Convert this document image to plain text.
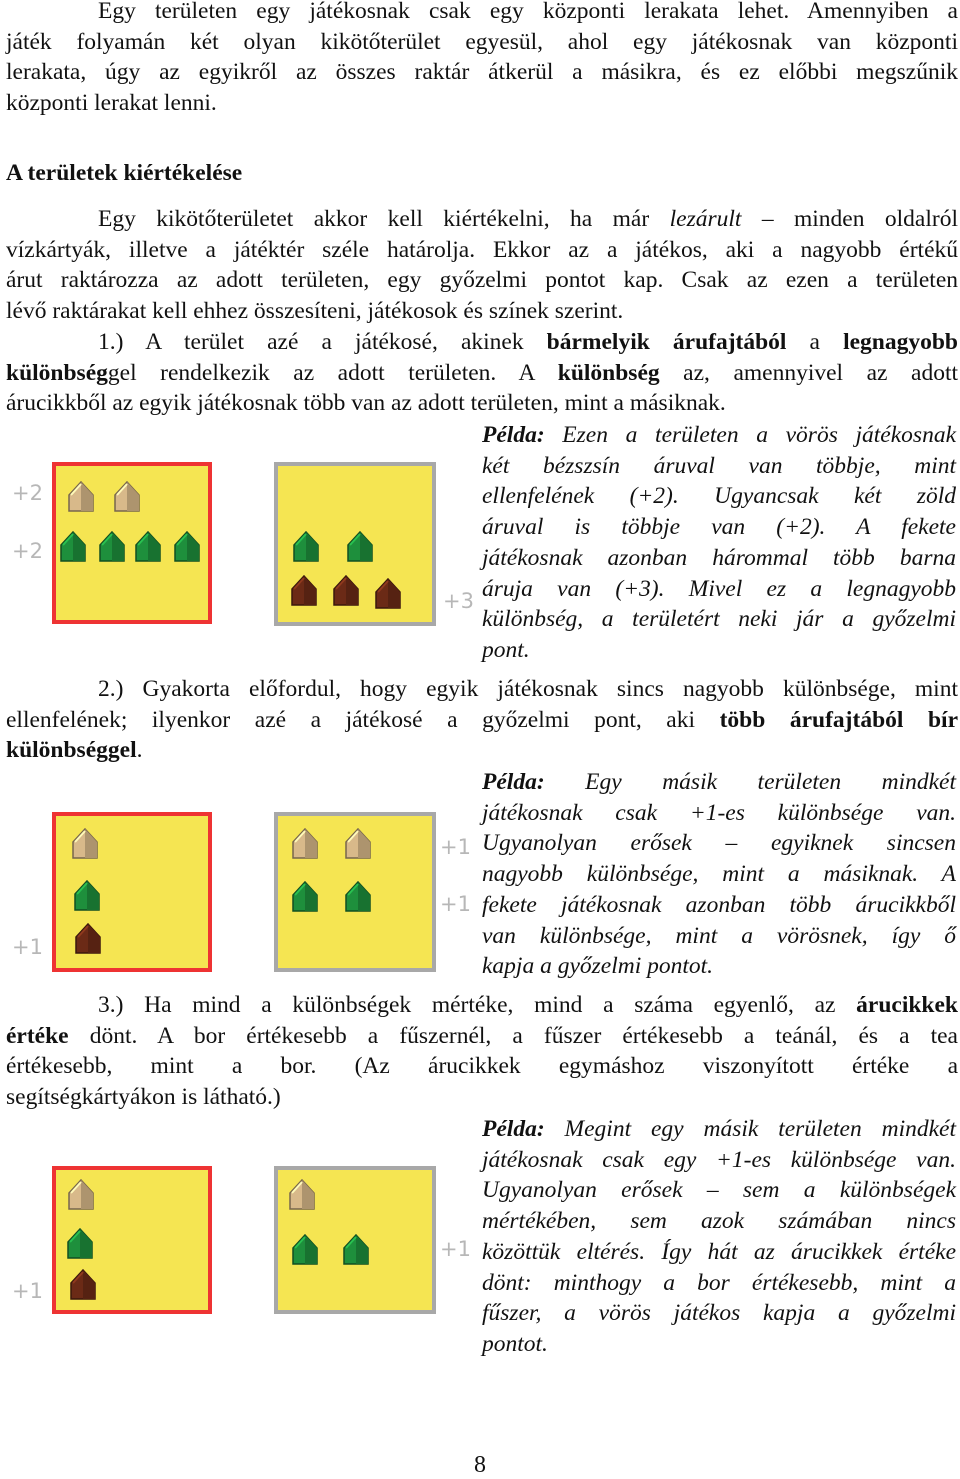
Egy területen egy játékosnak csak egy központi lerakata lehet. Amennyiben a
játék folyamán két olyan kikötőterület egyesül, ahol egy játékosnak van központi
lerakata, úgy az egyikről az összes raktár átkerül a másikra, és ez előbbi megszűnik
központi lerakat lenni.
A területek kiértékelése
Egy kikötőterületet akkor kell kiértékelni, ha már lezárult – minden oldalról
vízkártyák, illetve a játéktér széle határolja. Ekkor az a játékos, aki a nagyobb értékű
árut raktározza az adott területen, egy győzelmi pontot kap. Csak az ezen a területen
lévő raktárakat kell ehhez összesíteni, játékosok és színek szerint.
1.) A terület azé a játékosé, akinek bármelyik árufajtából a legnagyobb
különbséggel rendelkezik az adott területen. A különbség az, amennyivel az adott
árucikkből az egyik játékosnak több van az adott területen, mint a másiknak.
Példa: Ezen a területen a vörös játékosnak
két bézszsín áruval van többje, mint
ellenfelének (+2). Ugyancsak két zöld
áruval is többje van (+2). A fekete
játékosnak azonban hárommal több barna
áruja van (+3). Mivel ez a legnagyobb
különbség, a területért neki jár a győzelmi
pont.
+2
+2
+3
2.) Gyakorta előfordul, hogy egyik játékosnak sincs nagyobb különbsége, mint
ellenfelének; ilyenkor azé a játékosé a győzelmi pont, aki több árufajtából bír
különbséggel.
Példa: Egy másik területen mindkét
játékosnak csak +1-es különbsége van.
Ugyanolyan erősek – egyiknek sincsen
nagyobb különbsége, mint a másiknak. A
fekete játékosnak azonban több árucikkből
van különbsége, mint a vörösnek, így ő
kapja a győzelmi pontot.
+1
+1
+1
3.) Ha mind a különbségek mértéke, mind a száma egyenlő, az árucikkek
értéke dönt. A bor értékesebb a fűszernél, a fűszer értékesebb a teánál, és a tea
értékesebb, mint a bor. (Az árucikkek egymáshoz viszonyított értéke a
segítségkártyákon is látható.)
Példa: Megint egy másik területen mindkét
játékosnak csak egy +1-es különbsége van.
Ugyanolyan erősek – sem a különbségek
mértékében, sem azok számában nincs
közöttük eltérés. Így hát az árucikkek értéke
dönt: minthogy a bor értékesebb, mint a
fűszer, a vörös játékos kapja a győzelmi
pontot.
+1
+1
8
